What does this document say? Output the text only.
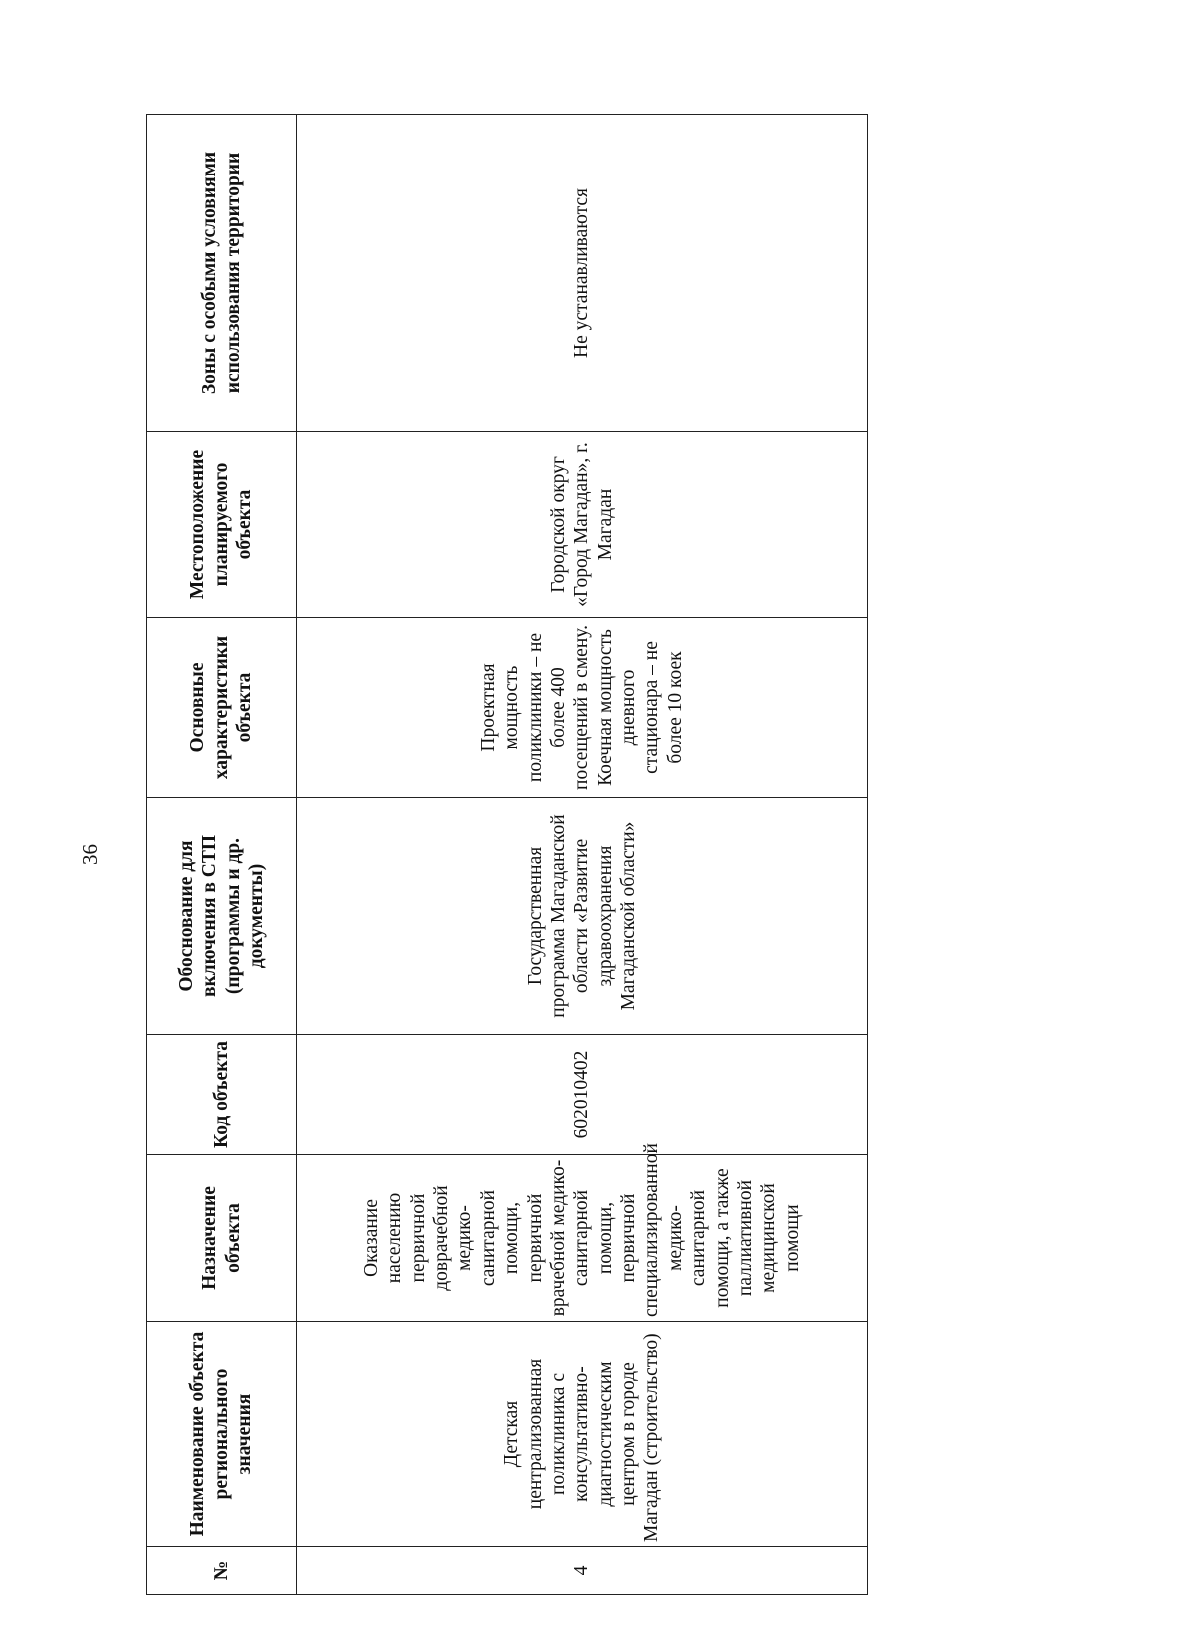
36
№	Наименование объекта регионального значения	Назначение объекта	Код объекта	Обоснование для включения в СТП (программы и др. документы)	Основные характеристики объекта	Местоположение планируемого объекта	Зоны с особыми условиями использования территории
4	Детская централизованная поликлиника с консультативно-диагностическим центром в городе Магадан (строительство)	Оказание населению первичной доврачебной медико-санитарной помощи, первичной врачебной медико-санитарной помощи, первичной специализированной медико-санитарной помощи, а также паллиативной медицинской помощи	602010402	Государственная программа Магаданской области «Развитие здравоохранения Магаданской области»	Проектная мощность поликлиники – не более 400 посещений в смену. Коечная мощность дневного стационара – не более 10 коек	Городской округ «Город Магадан», г. Магадан	Не устанавливаются
